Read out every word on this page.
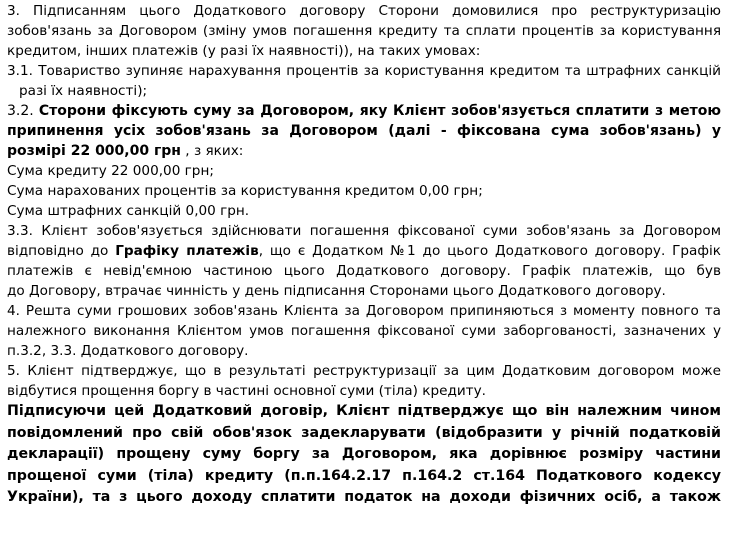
3. Підписанням цього Додаткового договору Сторони домовилися про реструктуризацію
зобов'язань за Договором (зміну умов погашення кредиту та сплати процентів за користування
кредитом, інших платежів (у разі їх наявності)), на таких умовах:
3.1. Товариство зупиняє нарахування процентів за користування кредитом та штрафних санкцій
разі їх наявності);
3.2. Сторони фіксують суму за Договором, яку Клієнт зобов'язується сплатити з метою
припинення усіх зобов'язань за Договором (далі - фіксована сума зобов'язань) у
розмірі 22 000,00 грн , з яких:
Сума кредиту 22 000,00 грн;
Сума нарахованих процентів за користування кредитом 0,00 грн;
Сума штрафних санкцій 0,00 грн.
3.3. Клієнт зобов'язується здійснювати погашення фіксованої суми зобов'язань за Договором
відповідно до Графіку платежів, що є Додатком №1 до цього Додаткового договору. Графік
платежів є невід'ємною частиною цього Додаткового договору. Графік платежів, що був
до Договору, втрачає чинність у день підписання Сторонами цього Додаткового договору.
4. Решта суми грошових зобов'язань Клієнта за Договором припиняються з моменту повного та
належного виконання Клієнтом умов погашення фіксованої суми заборгованості, зазначених у
п.3.2, 3.3. Додаткового договору.
5. Клієнт підтверджує, що в результаті реструктуризації за цим Додатковим договором може
відбутися прощення боргу в частині основної суми (тіла) кредиту.
Підписуючи цей Додатковий договір, Клієнт підтверджує що він належним чином
повідомлений про свій обов'язок задекларувати (відобразити у річній податковій
декларації) прощену суму боргу за Договором, яка дорівнює розміру частини
прощеної суми (тіла) кредиту (п.п.164.2.17 п.164.2 ст.164 Податкового кодексу
України), та з цього доходу сплатити податок на доходи фізичних осіб, а також
